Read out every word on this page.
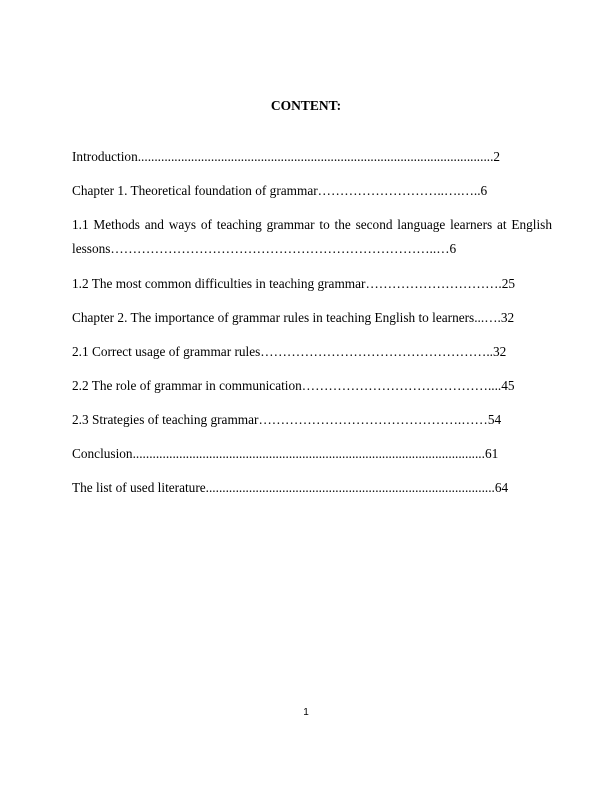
CONTENT:
Introduction...........................................................................................................2
Chapter 1. Theoretical foundation of grammar………………………..….…..6
1.1 Methods and ways of teaching grammar to the second language learners at English lessons………………………………………………………………..…6
1.2 The most common difficulties in teaching grammar………………………….25
Chapter 2. The importance of grammar rules in teaching English to learners...….32
2.1 Correct usage of grammar rules……………………………………………..32
2.2 The role of grammar in communication……………………………………....45
2.3 Strategies of teaching grammar……………………………………….……54
Conclusion..........................................................................................................61
The list of used literature.......................................................................................64
1
